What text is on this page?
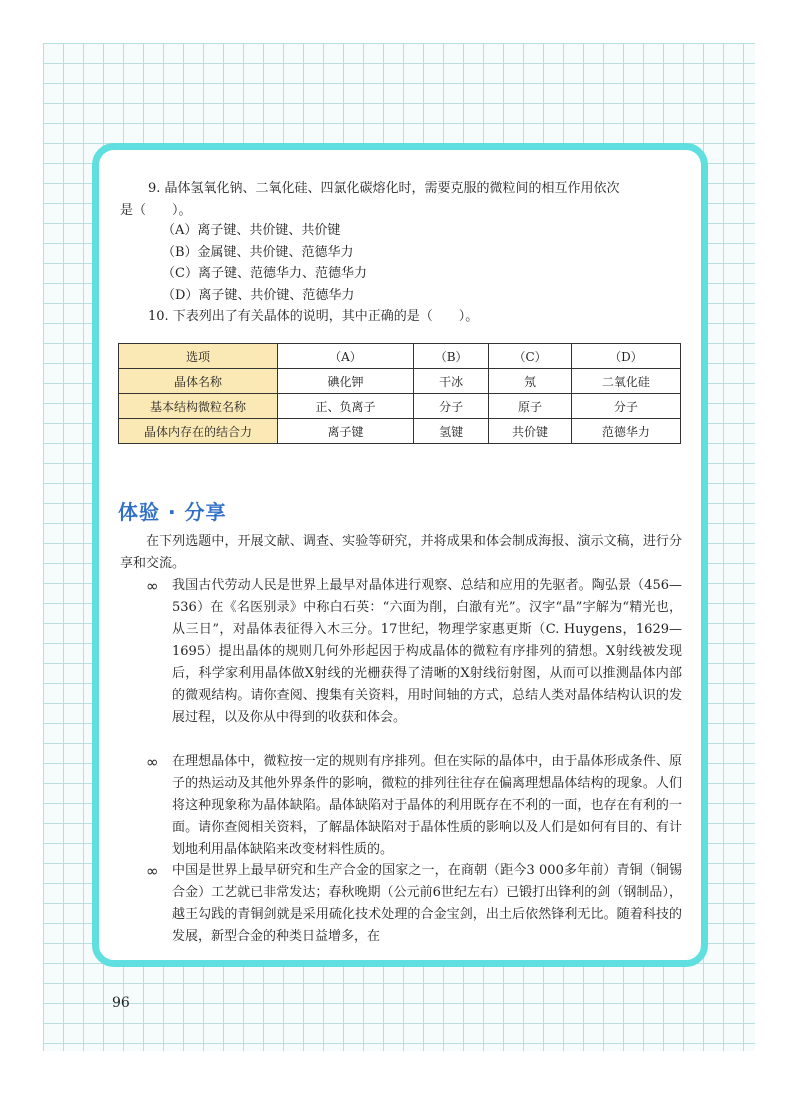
9. 晶体氢氧化钠、二氧化硅、四氯化碳熔化时，需要克服的微粒间的相互作用依次
是（　　）。
（A）离子键、共价键、共价键
（B）金属键、共价键、范德华力
（C）离子键、范德华力、范德华力
（D）离子键、共价键、范德华力
10. 下表列出了有关晶体的说明，其中正确的是（　　）。
选项	（A）	（B）	（C）	（D）
晶体名称	碘化钾	干冰	氖	二氧化硅
基本结构微粒名称	正、负离子	分子	原子	分子
晶体内存在的结合力	离子键	氢键	共价键	范德华力
体验 · 分享
在下列选题中，开展文献、调查、实验等研究，并将成果和体会制成海报、演示文稿，进行分享和交流。
∞ 我国古代劳动人民是世界上最早对晶体进行观察、总结和应用的先驱者。陶弘景（456—536）在《名医别录》中称白石英：“六面为削，白澈有光”。汉字“晶”字解为“精光也，从三日”，对晶体表征得入木三分。17世纪，物理学家惠更斯（C. Huygens，1629—1695）提出晶体的规则几何外形起因于构成晶体的微粒有序排列的猜想。X射线被发现后，科学家利用晶体做X射线的光栅获得了清晰的X射线衍射图，从而可以推测晶体内部的微观结构。请你查阅、搜集有关资料，用时间轴的方式，总结人类对晶体结构认识的发展过程，以及你从中得到的收获和体会。
∞ 在理想晶体中，微粒按一定的规则有序排列。但在实际的晶体中，由于晶体形成条件、原子的热运动及其他外界条件的影响，微粒的排列往往存在偏离理想晶体结构的现象。人们将这种现象称为晶体缺陷。晶体缺陷对于晶体的利用既存在不利的一面，也存在有利的一面。请你查阅相关资料，了解晶体缺陷对于晶体性质的影响以及人们是如何有目的、有计划地利用晶体缺陷来改变材料性质的。
∞ 中国是世界上最早研究和生产合金的国家之一，在商朝（距今3 000多年前）青铜（铜锡合金）工艺就已非常发达；春秋晚期（公元前6世纪左右）已锻打出锋利的剑（钢制品），越王勾践的青铜剑就是采用硫化技术处理的合金宝剑，出土后依然锋利无比。随着科技的发展，新型合金的种类日益增多，在
96
